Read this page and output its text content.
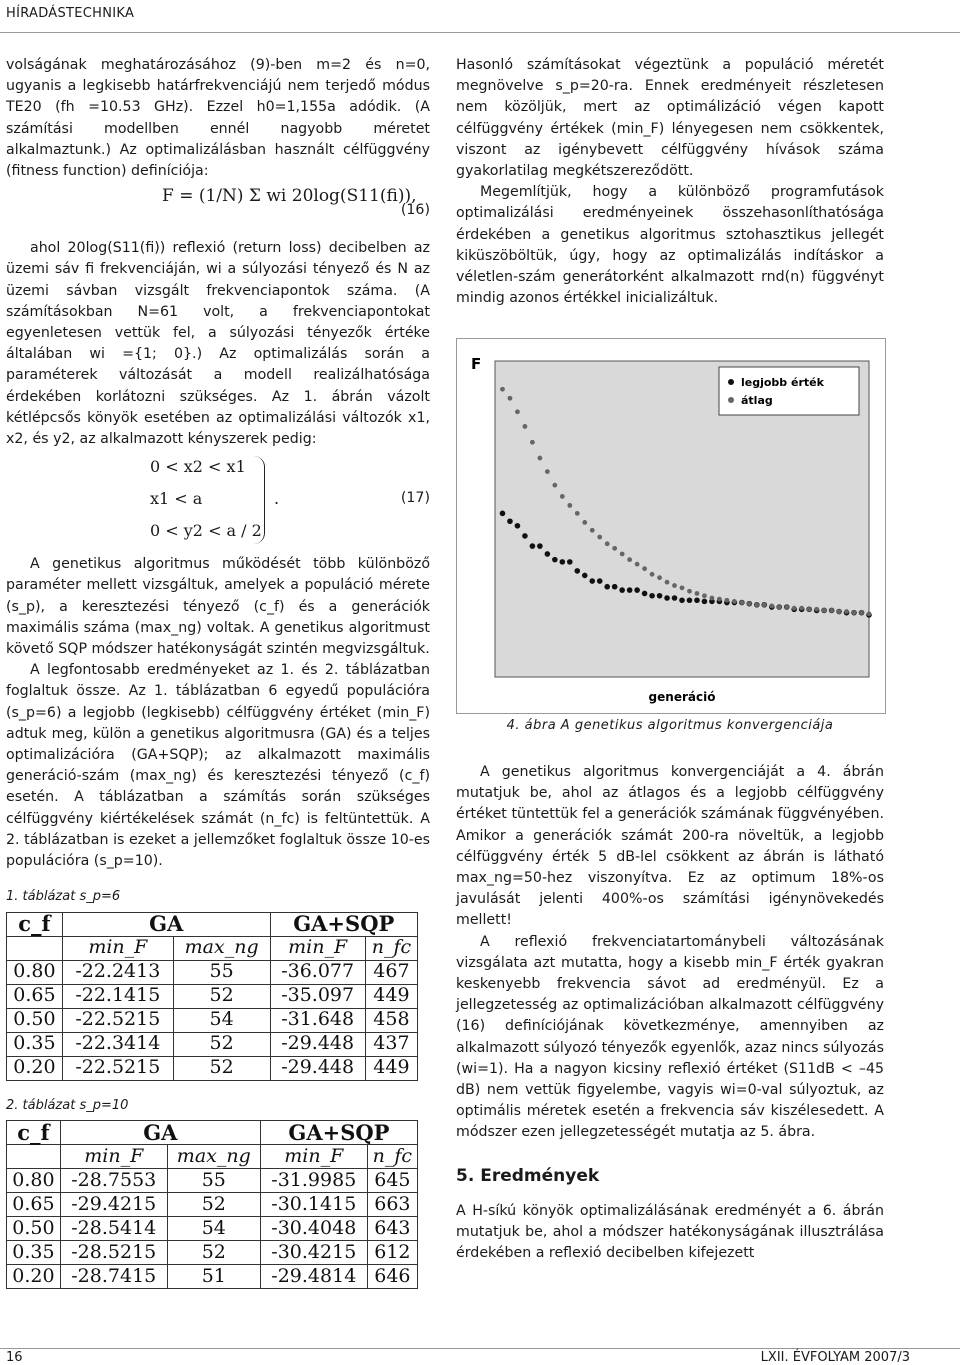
HÍRADÁSTECHNIKA

volságának meghatározásához (9)-ben m=2 és n=0, ugyanis a legkisebb határfrekvenciájú nem terjedő módus TE20 (fh =10.53 GHz). Ezzel h0=1,155a adódik. (A számítási modellben ennél nagyobb méretet alkalmaztunk.) Az optimalizálásban használt célfüggvény (fitness function) definíciója:

F = (1/N) Σ wi 20log(S11(fi)),
(16)

ahol 20log(S11(fi)) reflexió (return loss) decibelben az üzemi sáv fi frekvenciáján, wi a súlyozási tényező és N az üzemi sávban vizsgált frekvenciapontok száma. (A számításokban N=61 volt, a frekvenciapontokat egyenletesen vettük fel, a súlyozási tényezők értéke általában wi ={1; 0}.) Az optimalizálás során a paraméterek változását a modell realizálhatósága érdekében korlátozni szükséges. Az 1. ábrán vázolt kétlépcsős könyök esetében az optimalizálási változók x1, x2, és y2, az alkalmazott kényszerek pedig:

0 < x2 < x1
x1 < a
0 < y2 < a / 2
.	(17)

A genetikus algoritmus működését több különböző paraméter mellett vizsgáltuk, amelyek a populáció mérete (s_p), a keresztezési tényező (c_f) és a generációk maximális száma (max_ng) voltak. A genetikus algoritmust követő SQP módszer hatékonyságát szintén megvizsgáltuk.

A legfontosabb eredményeket az 1. és 2. táblázatban foglaltuk össze. Az 1. táblázatban 6 egyedű populációra (s_p=6) a legjobb (legkisebb) célfüggvény értéket (min_F) adtuk meg, külön a genetikus algoritmusra (GA) és a teljes optimalizációra (GA+SQP); az alkalmazott maximális generáció-szám (max_ng) és keresztezési tényező (c_f) esetén. A táblázatban a számítás során szükséges célfüggvény kiértékelések számát (n_fc) is feltüntettük. A 2. táblázatban is ezeket a jellemzőket foglaltuk össze 10-es populációra (s_p=10).

1. táblázat s_p=6
c_f	GA		GA+SQP	
	min_F	max_ng	min_F	n_fc
0.80	-22.2413	55	-36.077	467
0.65	-22.1415	52	-35.097	449
0.50	-22.5215	54	-31.648	458
0.35	-22.3414	52	-29.448	437
0.20	-22.5215	52	-29.448	449
2. táblázat s_p=10
c_f	GA		GA+SQP	
	min_F	max_ng	min_F	n_fc
0.80	-28.7553	55	-31.9985	645
0.65	-29.4215	52	-30.1415	663
0.50	-28.5414	54	-30.4048	643
0.35	-28.5215	52	-30.4215	612
0.20	-28.7415	51	-29.4814	646

Hasonló számításokat végeztünk a populáció méretét megnövelve s_p=20-ra. Ennek eredményeit részletesen nem közöljük, mert az optimálizáció végen kapott célfüggvény értékek (min_F) lényegesen nem csökkentek, viszont az igénybevett célfüggvény hívások száma gyakorlatilag megkétszereződött.

Megemlítjük, hogy a különböző programfutások optimalizálási eredményeinek összehasonlíthatósága érdekében a genetikus algoritmus sztohasztikus jellegét kiküszöböltük, úgy, hogy az optimalizálás indításkor a véletlen-szám generátorként alkalmazott rnd(n) függvényt mindig azonos értékkel inicializáltuk.

F
generáció
legjobb érték
átlag
4. ábra A genetikus algoritmus konvergenciája

A genetikus algoritmus konvergenciáját a 4. ábrán mutatjuk be, ahol az átlagos és a legjobb célfüggvény értéket tüntettük fel a generációk számának függvényében. Amikor a generációk számát 200-ra növeltük, a legjobb célfüggvény érték 5 dB-lel csökkent az ábrán is látható max_ng=50-hez viszonyítva. Ez az optimum 18%-os javulását jelenti 400%-os számítási igénynövekedés mellett!

A reflexió frekvenciatartománybeli változásának vizsgálata azt mutatta, hogy a kisebb min_F érték gyakran keskenyebb frekvencia sávot ad eredményül. Ez a jellegzetesség az optimalizációban alkalmazott célfüggvény (16) definíciójának következménye, amennyiben az alkalmazott súlyozó tényezők egyenlők, azaz nincs súlyozás (wi=1). Ha a nagyon kicsiny reflexió értéket (S11dB < –45 dB) nem vettük figyelembe, vagyis wi=0-val súlyoztuk, az optimális méretek esetén a frekvencia sáv kiszélesedett. A módszer ezen jellegzetességét mutatja az 5. ábra.

5. Eredmények

A H-síkú könyök optimalizálásának eredményét a 6. ábrán mutatjuk be, ahol a módszer hatékonyságának illusztrálása érdekében a reflexió decibelben kifejezett

16	LXII. ÉVFOLYAM 2007/3
